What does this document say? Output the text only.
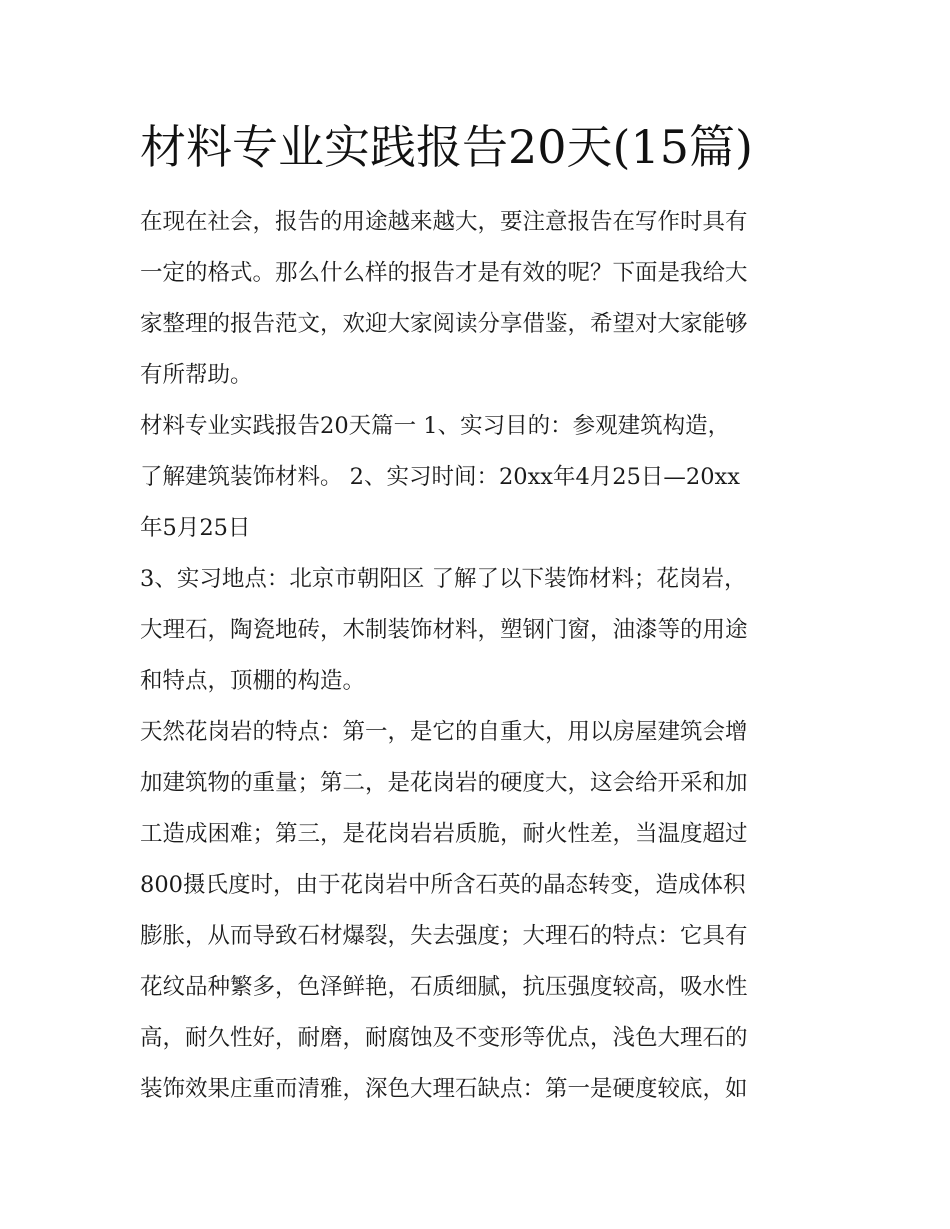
材料专业实践报告20天(15篇)
在现在社会，报告的用途越来越大，要注意报告在写作时具有
一定的格式。那么什么样的报告才是有效的呢？下面是我给大
家整理的报告范文，欢迎大家阅读分享借鉴，希望对大家能够
有所帮助。
材料专业实践报告20天篇一 1、实习目的：参观建筑构造，
了解建筑装饰材料。 2、实习时间：20xx年4月25日—20xx
年5月25日
3、实习地点：北京市朝阳区 了解了以下装饰材料；花岗岩，
大理石，陶瓷地砖，木制装饰材料，塑钢门窗，油漆等的用途
和特点，顶棚的构造。
天然花岗岩的特点：第一，是它的自重大，用以房屋建筑会增
加建筑物的重量；第二，是花岗岩的硬度大，这会给开采和加
工造成困难；第三，是花岗岩岩质脆，耐火性差，当温度超过
800摄氏度时，由于花岗岩中所含石英的晶态转变，造成体积
膨胀，从而导致石材爆裂，失去强度；大理石的特点：它具有
花纹品种繁多，色泽鲜艳，石质细腻，抗压强度较高，吸水性
高，耐久性好，耐磨，耐腐蚀及不变形等优点，浅色大理石的
装饰效果庄重而清雅，深色大理石缺点：第一是硬度较底，如
